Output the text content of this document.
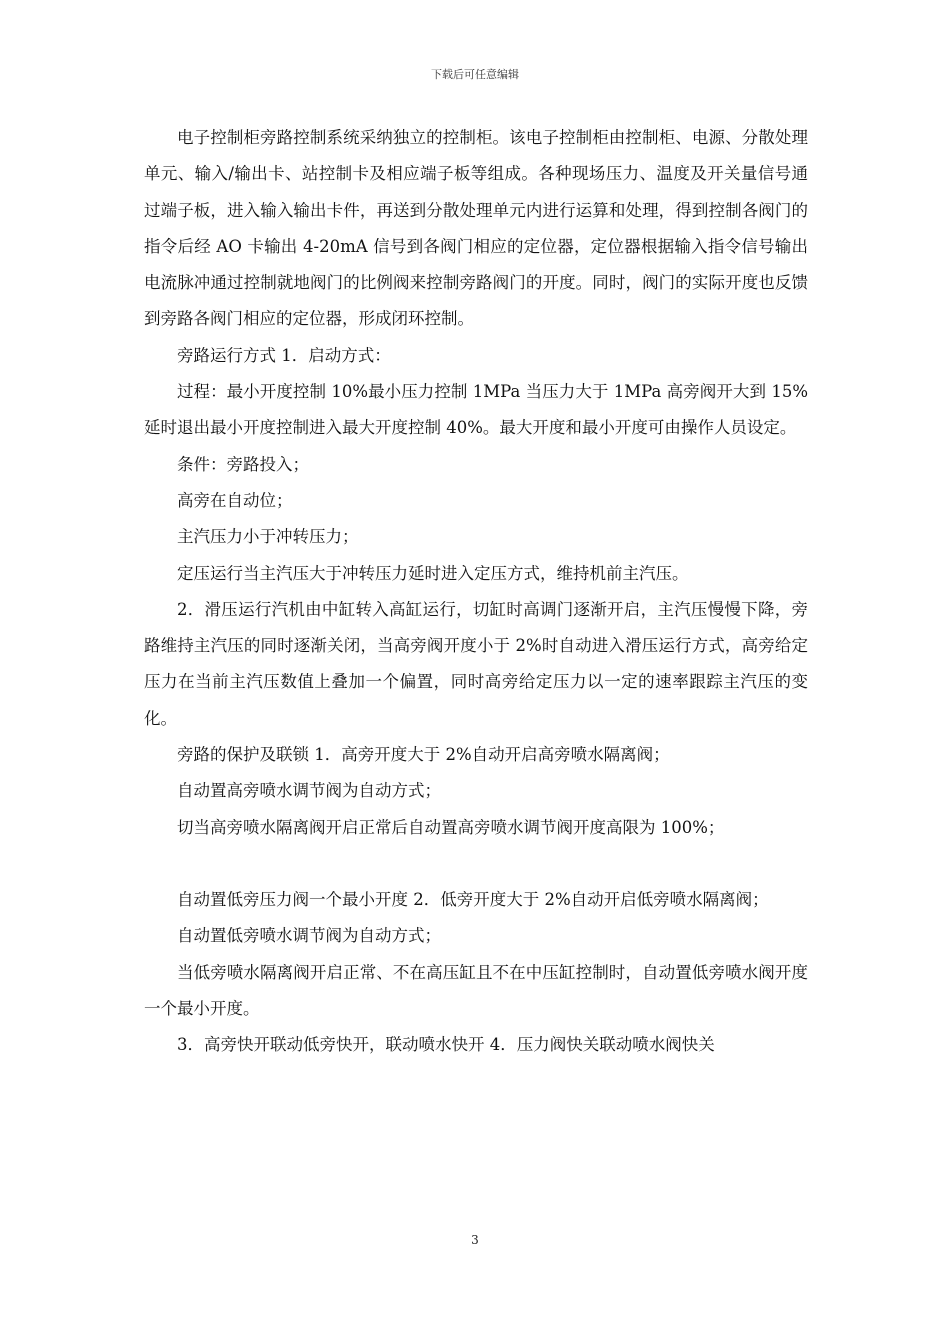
下载后可任意编辑

电子控制柜旁路控制系统采纳独立的控制柜。该电子控制柜由控制柜、电源、分散处理单元、输入/输出卡、站控制卡及相应端子板等组成。各种现场压力、温度及开关量信号通过端子板，进入输入输出卡件，再送到分散处理单元内进行运算和处理，得到控制各阀门的指令后经 AO 卡输出 4-20mA 信号到各阀门相应的定位器，定位器根据输入指令信号输出电流脉冲通过控制就地阀门的比例阀来控制旁路阀门的开度。同时，阀门的实际开度也反馈到旁路各阀门相应的定位器，形成闭环控制。

旁路运行方式 1．启动方式：

过程：最小开度控制 10%最小压力控制 1MPa 当压力大于 1MPa 高旁阀开大到 15%延时退出最小开度控制进入最大开度控制 40%。最大开度和最小开度可由操作人员设定。

条件：旁路投入；

高旁在自动位；

主汽压力小于冲转压力；

定压运行当主汽压大于冲转压力延时进入定压方式，维持机前主汽压。

2．滑压运行汽机由中缸转入高缸运行，切缸时高调门逐渐开启，主汽压慢慢下降，旁路维持主汽压的同时逐渐关闭，当高旁阀开度小于 2%时自动进入滑压运行方式，高旁给定压力在当前主汽压数值上叠加一个偏置，同时高旁给定压力以一定的速率跟踪主汽压的变化。

旁路的保护及联锁 1．高旁开度大于 2%自动开启高旁喷水隔离阀；

自动置高旁喷水调节阀为自动方式；

切当高旁喷水隔离阀开启正常后自动置高旁喷水调节阀开度高限为 100%；

自动置低旁压力阀一个最小开度 2．低旁开度大于 2%自动开启低旁喷水隔离阀；

自动置低旁喷水调节阀为自动方式；

当低旁喷水隔离阀开启正常、不在高压缸且不在中压缸控制时，自动置低旁喷水阀开度一个最小开度。

3．高旁快开联动低旁快开，联动喷水快开 4．压力阀快关联动喷水阀快关

3
